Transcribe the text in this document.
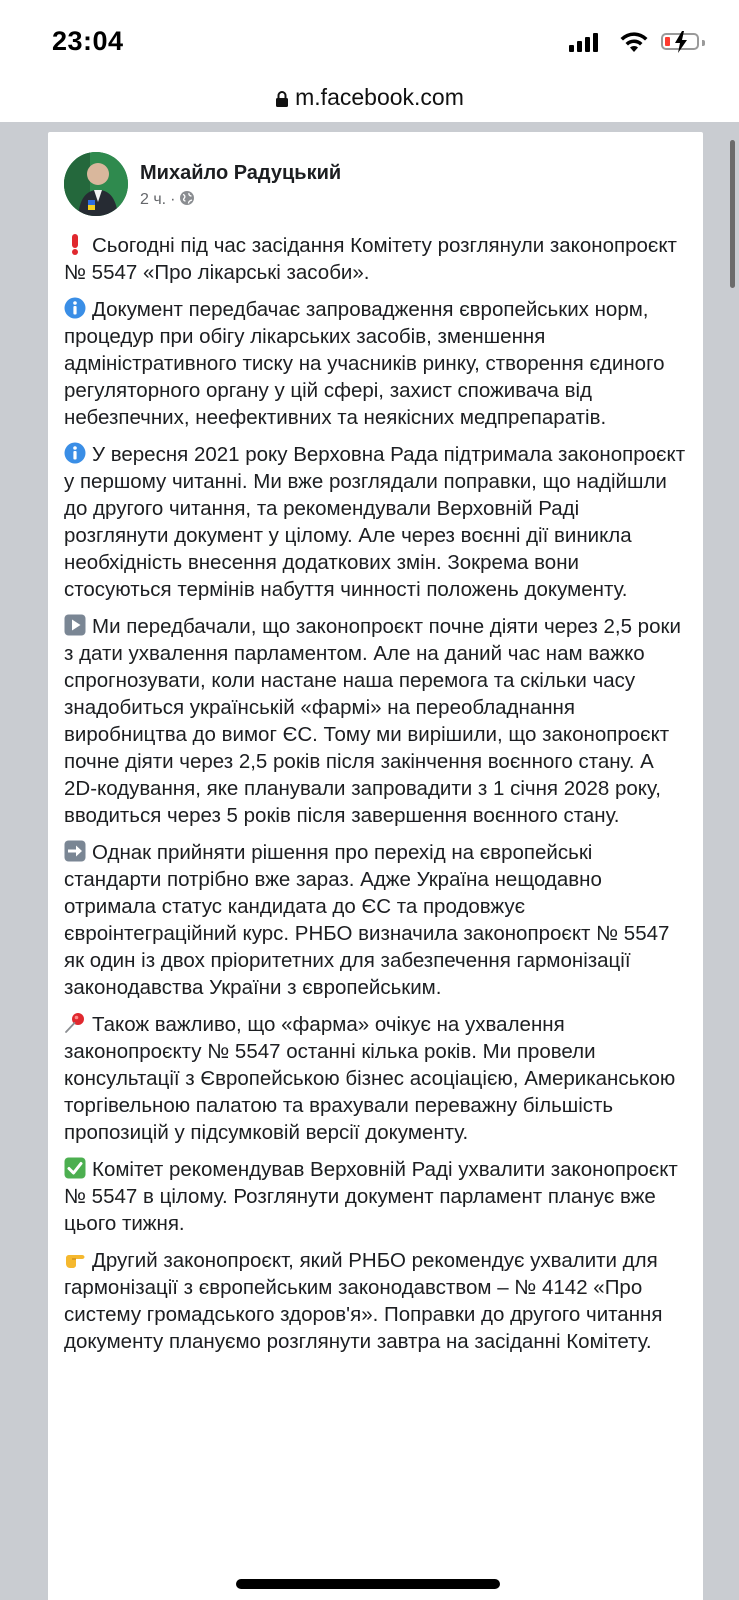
23:04
m.facebook.com
Михайло Радуцький
2 ч. ·

Сьогодні під час засідання Комітету розглянули законопроєкт № 5547 «Про лікарські засоби».

Документ передбачає запровадження європейських норм, процедур при обігу лікарських засобів, зменшення адміністративного тиску на учасників ринку, створення єдиного регуляторного органу у цій сфері, захист споживача від небезпечних, неефективних та неякісних медпрепаратів.

У вересня 2021 року Верховна Рада підтримала законопроєкт у першому читанні. Ми вже розглядали поправки, що надійшли до другого читання, та рекомендували Верховній Раді розглянути документ у цілому. Але через воєнні дії виникла необхідність внесення додаткових змін. Зокрема вони стосуються термінів набуття чинності положень документу.

Ми передбачали, що законопроєкт почне діяти через 2,5 роки з дати ухвалення парламентом. Але на даний час нам важко спрогнозувати, коли настане наша перемога та скільки часу знадобиться українській «фармі» на переобладнання виробництва до вимог ЄС. Тому ми вирішили, що законопроєкт почне діяти через 2,5 років після закінчення воєнного стану. А 2D-кодування, яке планували запровадити з 1 січня 2028 року, вводиться через 5 років після завершення воєнного стану.

Однак прийняти рішення про перехід на європейські стандарти потрібно вже зараз. Адже Україна нещодавно отримала статус кандидата до ЄС та продовжує євроінтеграційний курс. РНБО визначила законопроєкт № 5547 як один із двох пріоритетних для забезпечення гармонізації законодавства України з європейським.

Також важливо, що «фарма» очікує на ухвалення законопроєкту № 5547 останні кілька років. Ми провели консультації з Європейською бізнес асоціацією, Американською торгівельною палатою та врахували переважну більшість пропозицій у підсумковій версії документу.

Комітет рекомендував Верховній Раді ухвалити законопроєкт № 5547 в цілому. Розглянути документ парламент планує вже цього тижня.

Другий законопроєкт, який РНБО рекомендує ухвалити для гармонізації з європейським законодавством – № 4142 «Про систему громадського здоров'я». Поправки до другого читання документу плануємо розглянути завтра на засіданні Комітету.
